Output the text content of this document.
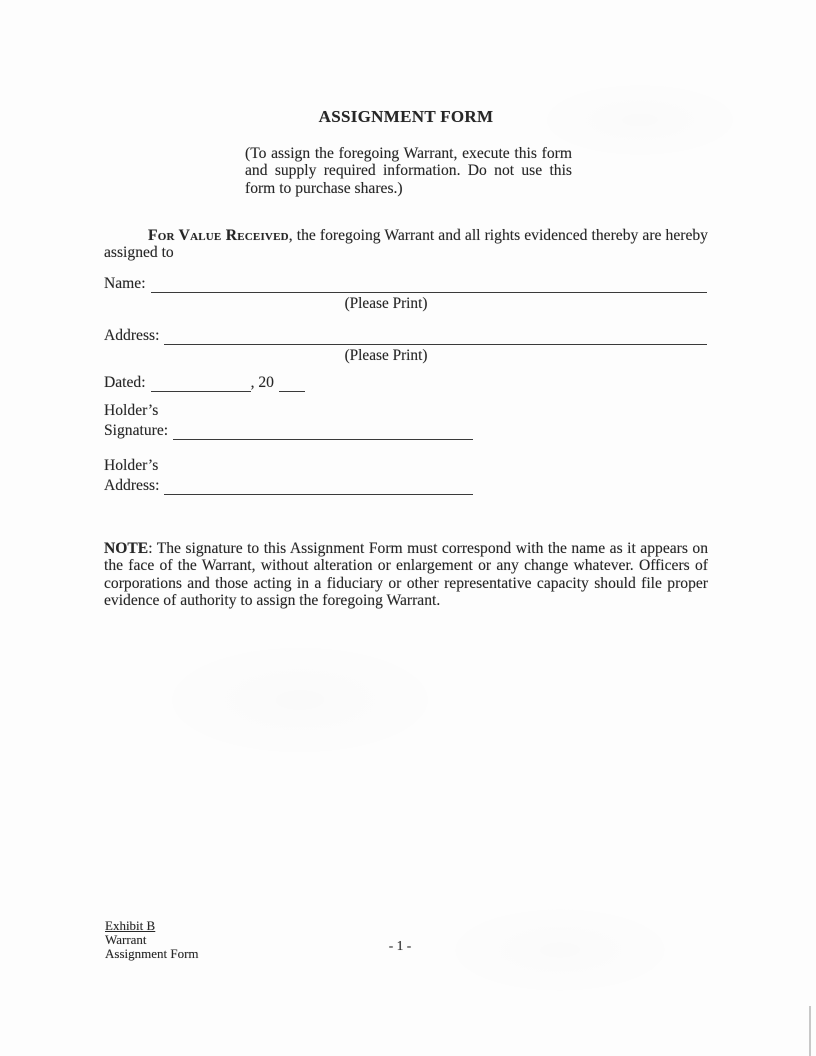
ASSIGNMENT FORM
(To assign the foregoing Warrant, execute this form
and supply required information. Do not use this
form to purchase shares.)
For Value Received, the foregoing Warrant and all rights evidenced thereby are hereby
assigned to
Name:
(Please Print)
Address:
(Please Print)
Dated:	, 20
Holder’s
Signature:
Holder’s
Address:
NOTE: The signature to this Assignment Form must correspond with the name as it appears on
the face of the Warrant, without alteration or enlargement or any change whatever. Officers of
corporations and those acting in a fiduciary or other representative capacity should file proper
evidence of authority to assign the foregoing Warrant.
Exhibit B
Warrant
Assignment Form
- 1 -
